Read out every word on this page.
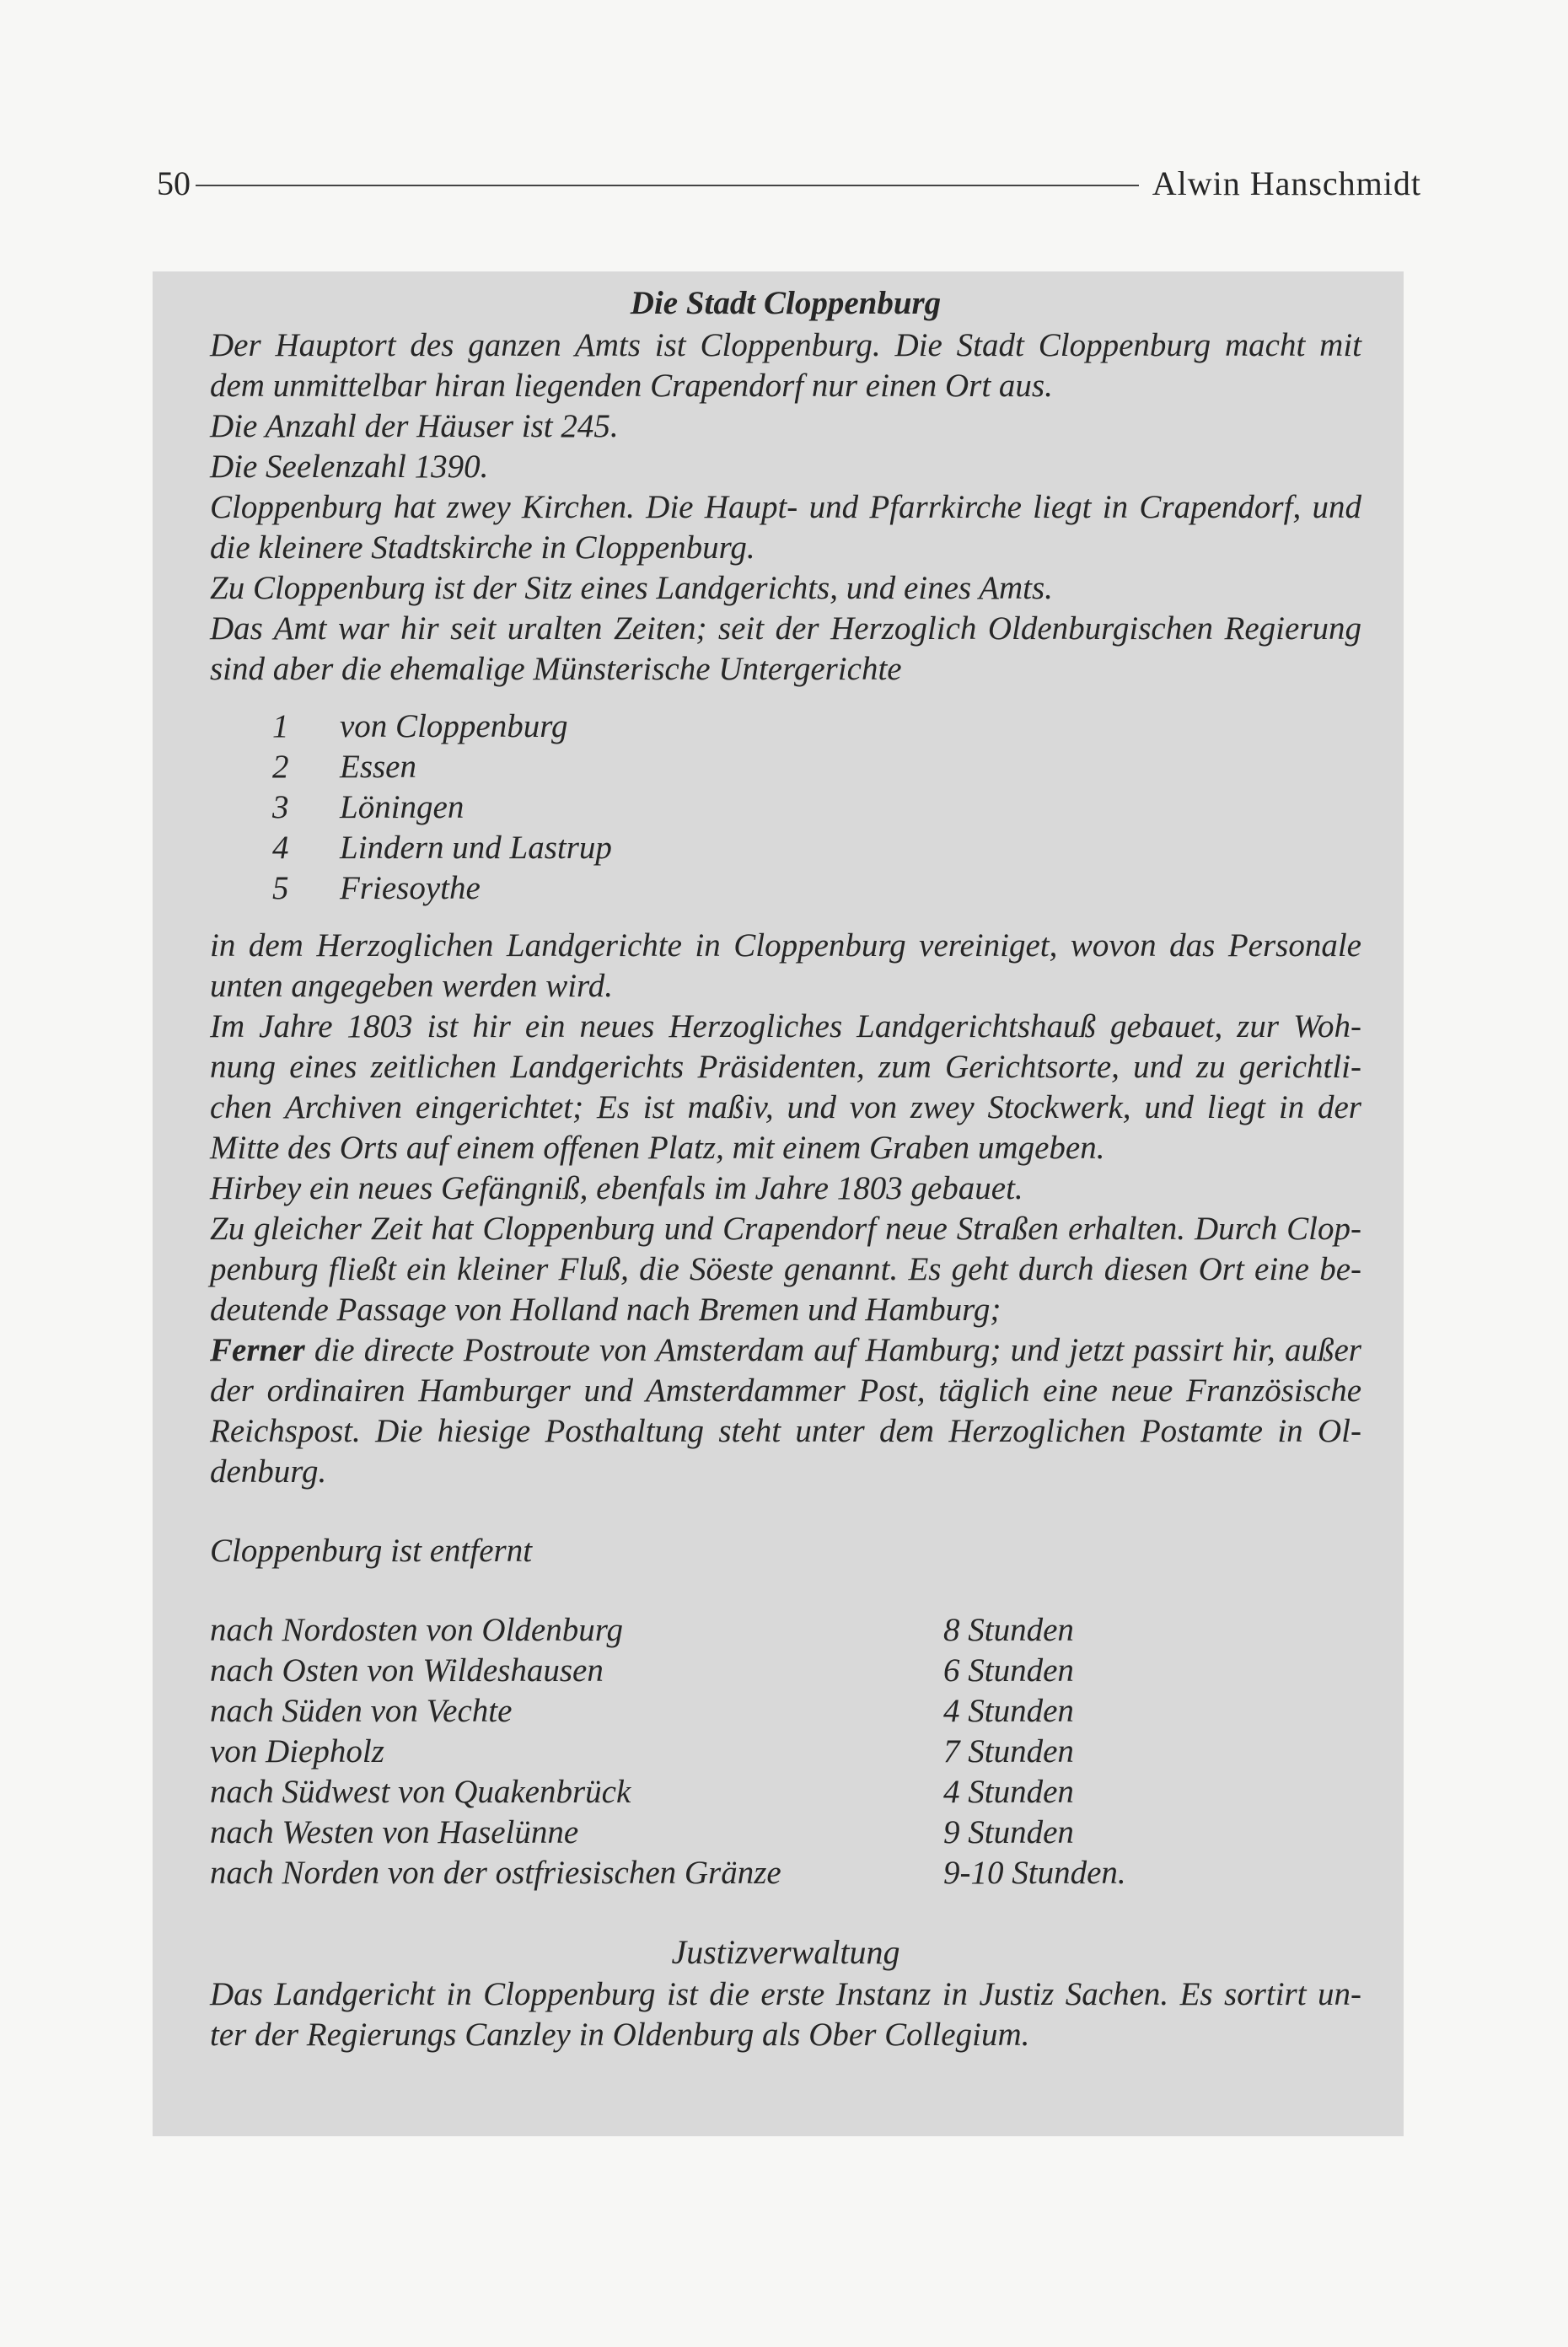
50	Alwin Hanschmidt
Die Stadt Cloppenburg
Der Hauptort des ganzen Amts ist Cloppenburg. Die Stadt Cloppenburg macht mit
dem unmittelbar hiran liegenden Crapendorf nur einen Ort aus.
Die Anzahl der Häuser ist 245.
Die Seelenzahl 1390.
Cloppenburg hat zwey Kirchen. Die Haupt- und Pfarrkirche liegt in Crapendorf, und
die kleinere Stadtskirche in Cloppenburg.
Zu Cloppenburg ist der Sitz eines Landgerichts, und eines Amts.
Das Amt war hir seit uralten Zeiten; seit der Herzoglich Oldenburgischen Regierung
sind aber die ehemalige Münsterische Untergerichte
1	von Cloppenburg
2	Essen
3	Löningen
4	Lindern und Lastrup
5	Friesoythe
in dem Herzoglichen Landgerichte in Cloppenburg vereiniget, wovon das Personale
unten angegeben werden wird.
Im Jahre 1803 ist hir ein neues Herzogliches Landgerichtshauß gebauet, zur Woh-
nung eines zeitlichen Landgerichts Präsidenten, zum Gerichtsorte, und zu gerichtli-
chen Archiven eingerichtet; Es ist maßiv, und von zwey Stockwerk, und liegt in der
Mitte des Orts auf einem offenen Platz, mit einem Graben umgeben.
Hirbey ein neues Gefängniß, ebenfals im Jahre 1803 gebauet.
Zu gleicher Zeit hat Cloppenburg und Crapendorf neue Straßen erhalten. Durch Clop-
penburg fließt ein kleiner Fluß, die Söeste genannt. Es geht durch diesen Ort eine be-
deutende Passage von Holland nach Bremen und Hamburg;
Ferner die directe Postroute von Amsterdam auf Hamburg; und jetzt passirt hir, außer
der ordinairen Hamburger und Amsterdammer Post, täglich eine neue Französische
Reichspost. Die hiesige Posthaltung steht unter dem Herzoglichen Postamte in Ol-
denburg.
Cloppenburg ist entfernt
nach Nordosten von Oldenburg	8 Stunden
nach Osten von Wildeshausen	6 Stunden
nach Süden von Vechte	4 Stunden
von Diepholz	7 Stunden
nach Südwest von Quakenbrück	4 Stunden
nach Westen von Haselünne	9 Stunden
nach Norden von der ostfriesischen Gränze	9-10 Stunden.
Justizverwaltung
Das Landgericht in Cloppenburg ist die erste Instanz in Justiz Sachen. Es sortirt un-
ter der Regierungs Canzley in Oldenburg als Ober Collegium.
